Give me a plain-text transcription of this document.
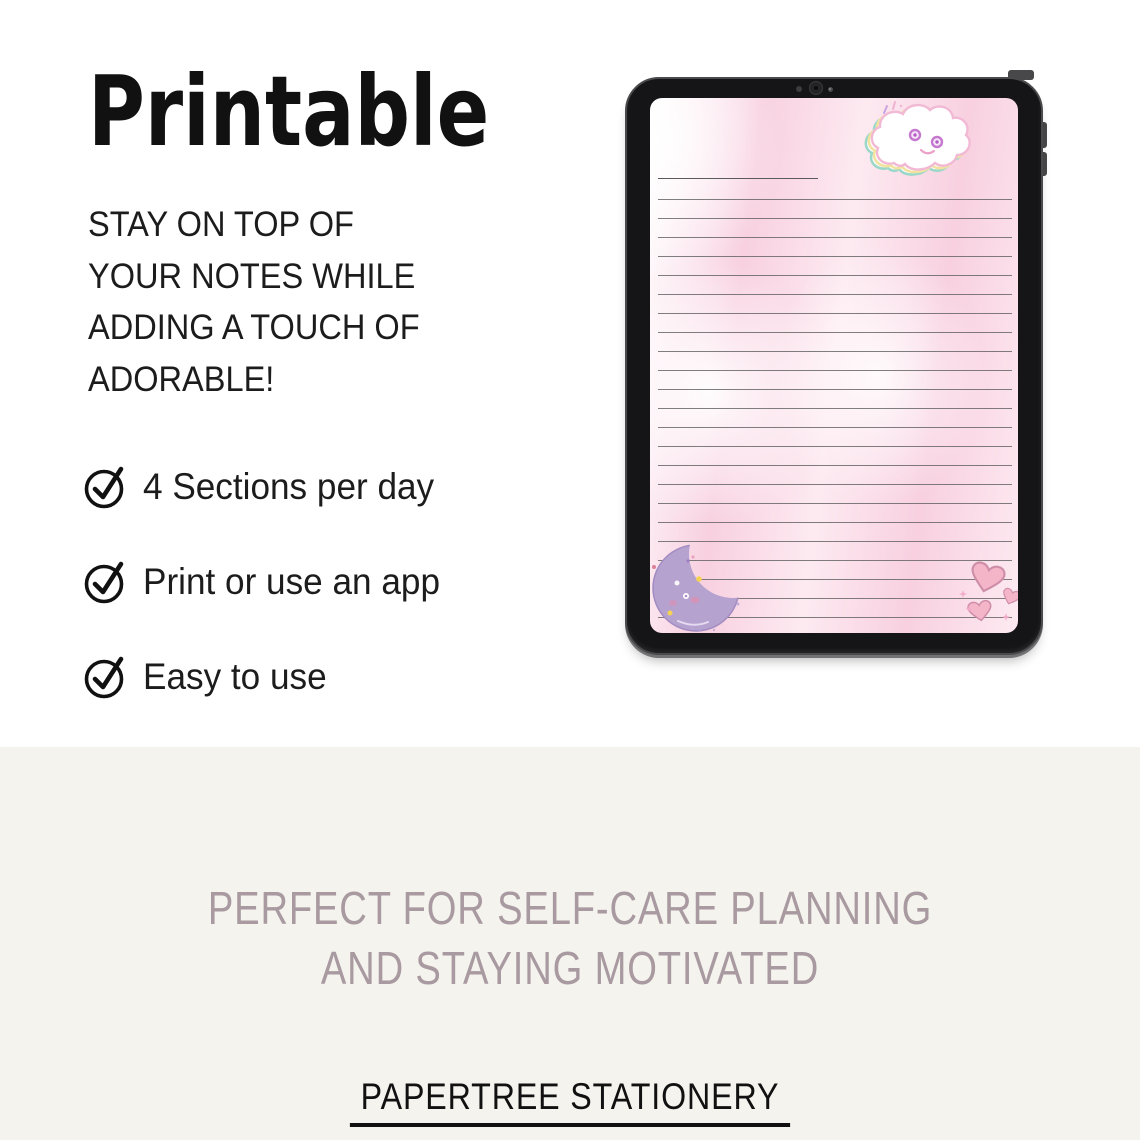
Printable
STAY ON TOP OF
YOUR NOTES WHILE
ADDING A TOUCH OF
ADORABLE!
4 Sections per day
Print or use an app
Easy to use
PERFECT FOR SELF-CARE PLANNING
AND STAYING MOTIVATED
PAPERTREE STATIONERY
